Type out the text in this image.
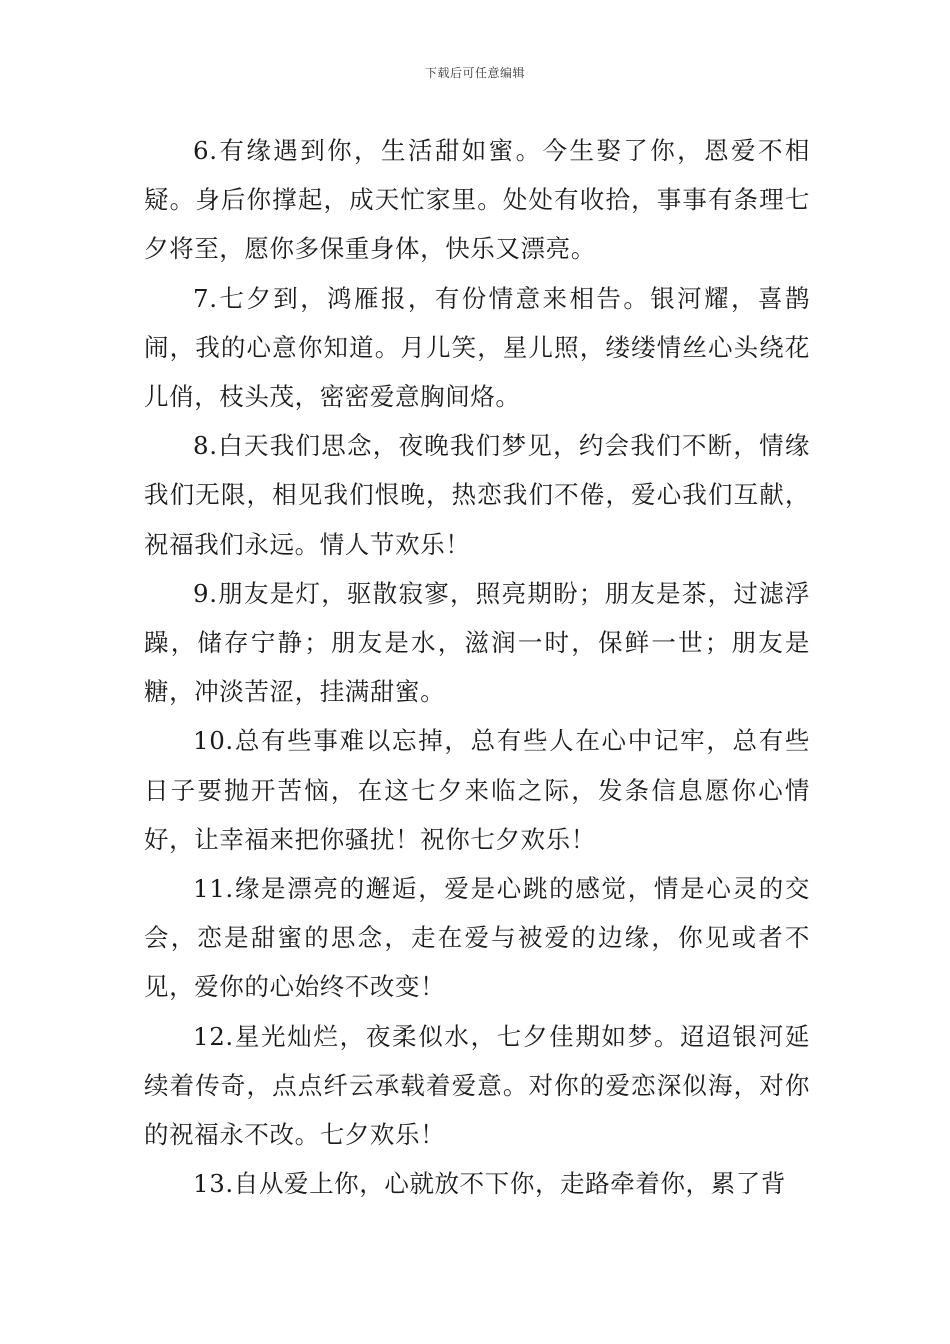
下载后可任意编辑

6.有缘遇到你，生活甜如蜜。今生娶了你，恩爱不相疑。身后你撑起，成天忙家里。处处有收拾，事事有条理七夕将至，愿你多保重身体，快乐又漂亮。

7.七夕到，鸿雁报，有份情意来相告。银河耀，喜鹊闹，我的心意你知道。月儿笑，星儿照，缕缕情丝心头绕花儿俏，枝头茂，密密爱意胸间烙。

8.白天我们思念，夜晚我们梦见，约会我们不断，情缘我们无限，相见我们恨晚，热恋我们不倦，爱心我们互献，祝福我们永远。情人节欢乐！

9.朋友是灯，驱散寂寥，照亮期盼；朋友是茶，过滤浮躁，储存宁静；朋友是水，滋润一时，保鲜一世；朋友是糖，冲淡苦涩，挂满甜蜜。

10.总有些事难以忘掉，总有些人在心中记牢，总有些日子要抛开苦恼，在这七夕来临之际，发条信息愿你心情好，让幸福来把你骚扰！祝你七夕欢乐！

11.缘是漂亮的邂逅，爱是心跳的感觉，情是心灵的交会，恋是甜蜜的思念，走在爱与被爱的边缘，你见或者不见，爱你的心始终不改变！

12.星光灿烂，夜柔似水，七夕佳期如梦。迢迢银河延续着传奇，点点纤云承载着爱意。对你的爱恋深似海，对你的祝福永不改。七夕欢乐！

13.自从爱上你，心就放不下你，走路牵着你，累了背
